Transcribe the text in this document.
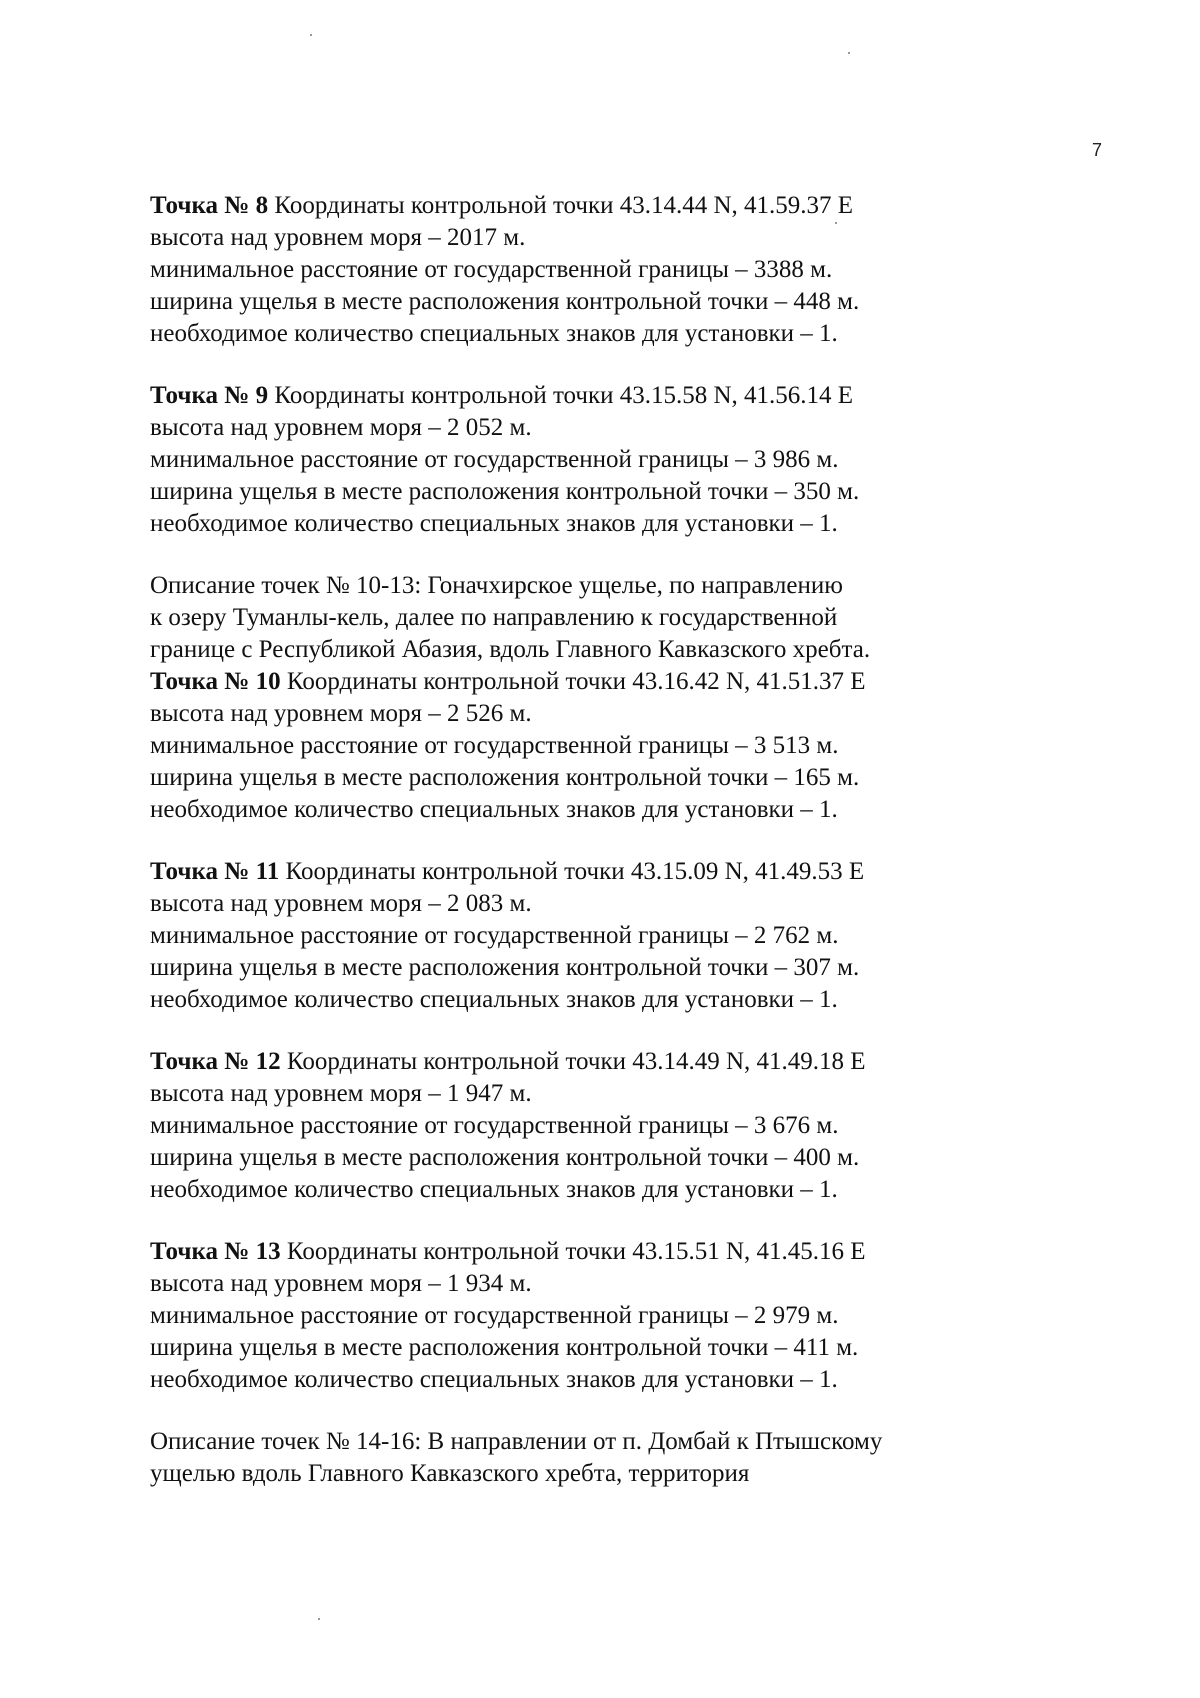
7
Точка № 8 Координаты контрольной точки 43.14.44 N, 41.59.37 E
высота над уровнем моря – 2017 м.
минимальное расстояние от государственной границы – 3388 м.
ширина ущелья в месте расположения контрольной точки – 448 м.
необходимое количество специальных знаков для установки – 1.
Точка № 9 Координаты контрольной точки 43.15.58 N, 41.56.14 E
высота над уровнем моря – 2 052 м.
минимальное расстояние от государственной границы – 3 986 м.
ширина ущелья в месте расположения контрольной точки – 350 м.
необходимое количество специальных знаков для установки – 1.
Описание точек № 10-13: Гоначхирское ущелье, по направлению
к озеру Туманлы-кель, далее по направлению к государственной
границе с Республикой Абазия, вдоль Главного Кавказского хребта.
Точка № 10 Координаты контрольной точки 43.16.42 N, 41.51.37 E
высота над уровнем моря – 2 526 м.
минимальное расстояние от государственной границы – 3 513 м.
ширина ущелья в месте расположения контрольной точки – 165 м.
необходимое количество специальных знаков для установки – 1.
Точка № 11 Координаты контрольной точки 43.15.09 N, 41.49.53 E
высота над уровнем моря – 2 083 м.
минимальное расстояние от государственной границы – 2 762 м.
ширина ущелья в месте расположения контрольной точки – 307 м.
необходимое количество специальных знаков для установки – 1.
Точка № 12 Координаты контрольной точки 43.14.49 N, 41.49.18 E
высота над уровнем моря – 1 947 м.
минимальное расстояние от государственной границы – 3 676 м.
ширина ущелья в месте расположения контрольной точки – 400 м.
необходимое количество специальных знаков для установки – 1.
Точка № 13 Координаты контрольной точки 43.15.51 N, 41.45.16 E
высота над уровнем моря – 1 934 м.
минимальное расстояние от государственной границы – 2 979 м.
ширина ущелья в месте расположения контрольной точки – 411 м.
необходимое количество специальных знаков для установки – 1.
Описание точек № 14-16: В направлении от п. Домбай к Птышскому
ущелью вдоль Главного Кавказского хребта, территория
